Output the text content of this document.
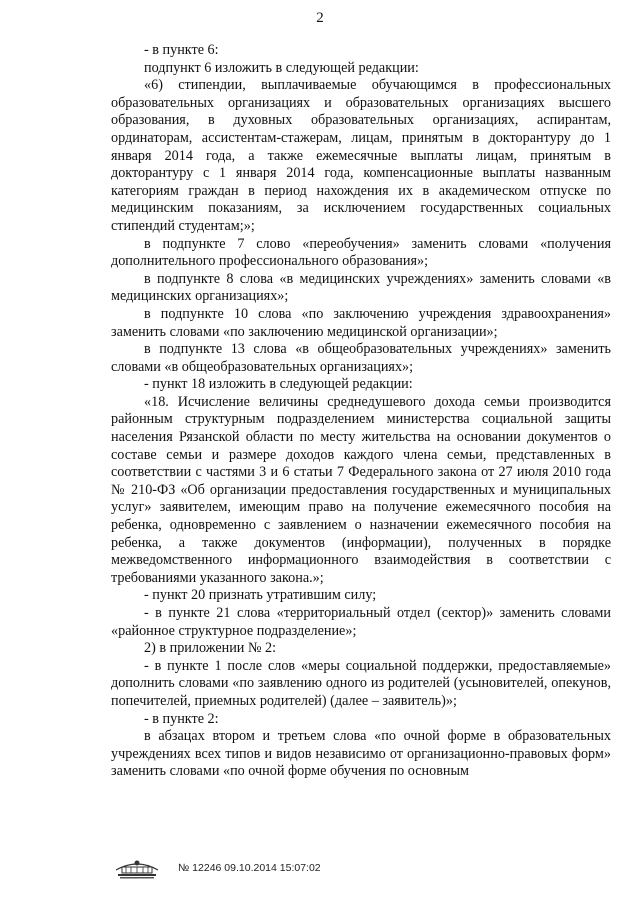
2

- в пункте 6:

подпункт 6 изложить в следующей редакции:

«6) стипендии, выплачиваемые обучающимся в профессиональных образовательных организациях и образовательных организациях высшего образования, в духовных образовательных организациях, аспирантам, ординаторам, ассистентам-стажерам, лицам, принятым в докторантуру до 1 января 2014 года, а также ежемесячные выплаты лицам, принятым в докторантуру с 1 января 2014 года, компенсационные выплаты названным категориям граждан в период нахождения их в академическом отпуске по медицинским показаниям, за исключением государственных социальных стипендий студентам;»;

в подпункте 7 слово «переобучения» заменить словами «получения дополнительного профессионального образования»;

в подпункте 8 слова «в медицинских учреждениях» заменить словами «в медицинских организациях»;

в подпункте 10 слова «по заключению учреждения здравоохранения» заменить словами «по заключению медицинской организации»;

в подпункте 13 слова «в общеобразовательных учреждениях» заменить словами «в общеобразовательных организациях»;

- пункт 18 изложить в следующей редакции:

«18. Исчисление величины среднедушевого дохода семьи производится районным структурным подразделением министерства социальной защиты населения Рязанской области по месту жительства на основании документов о составе семьи и размере доходов каждого члена семьи, представленных в соответствии с частями 3 и 6 статьи 7 Федерального закона от 27 июля 2010 года № 210-ФЗ «Об организации предоставления государственных и муниципальных услуг» заявителем, имеющим право на получение ежемесячного пособия на ребенка, одновременно с заявлением о назначении ежемесячного пособия на ребенка, а также документов (информации), полученных в порядке межведомственного информационного взаимодействия в соответствии с требованиями указанного закона.»;

- пункт 20 признать утратившим силу;

- в пункте 21 слова «территориальный отдел (сектор)» заменить словами «районное структурное подразделение»;

2) в приложении № 2:

- в пункте 1 после слов «меры социальной поддержки, предоставляемые» дополнить словами «по заявлению одного из родителей (усыновителей, опекунов, попечителей, приемных родителей) (далее – заявитель)»;

- в пункте 2:

в абзацах втором и третьем слова «по очной форме в образовательных учреждениях всех типов и видов независимо от организационно-правовых форм» заменить словами «по очной форме обучения по основным

№ 12246 09.10.2014 15:07:02
